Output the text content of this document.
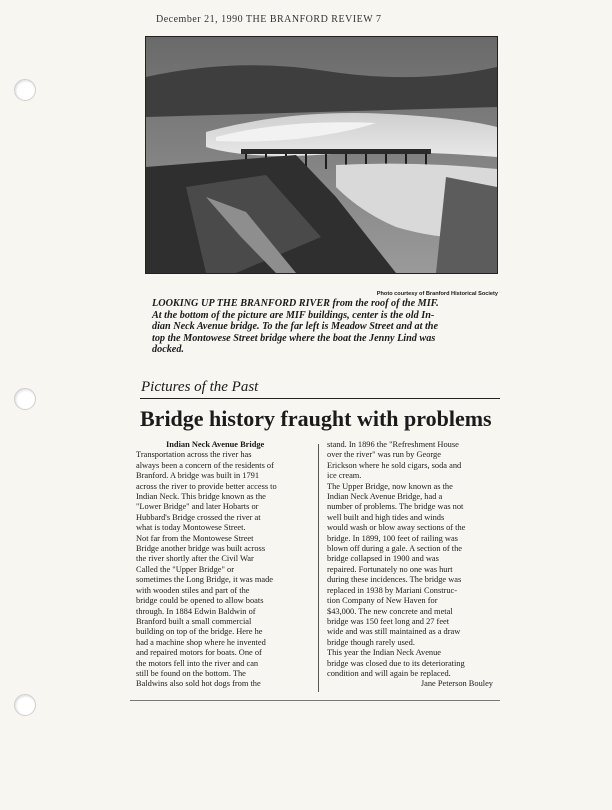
December 21, 1990 THE BRANFORD REVIEW 7
Photo courtesy of Branford Historical Society
LOOKING UP THE BRANFORD RIVER from the roof of the MIF.
At the bottom of the picture are MIF buildings, center is the old In-
dian Neck Avenue bridge. To the far left is Meadow Street and at the
top the Montowese Street bridge where the boat the Jenny Lind was
docked.
Pictures of the Past
Bridge history fraught with problems
Indian Neck Avenue Bridge
Transportation across the river has
always been a concern of the residents of
Branford. A bridge was built in 1791
across the river to provide better access to
Indian Neck. This bridge known as the
"Lower Bridge" and later Hobarts or
Hubbard's Bridge crossed the river at
what is today Montowese Street.
Not far from the Montowese Street
Bridge another bridge was built across
the river shortly after the Civil War
Called the "Upper Bridge" or
sometimes the Long Bridge, it was made
with wooden stiles and part of the
bridge could be opened to allow boats
through. In 1884 Edwin Baldwin of
Branford built a small commercial
building on top of the bridge. Here he
had a machine shop where he invented
and repaired motors for boats. One of
the motors fell into the river and can
still be found on the bottom. The
Baldwins also sold hot dogs from the
stand. In 1896 the "Refreshment House
over the river" was run by George
Erickson where he sold cigars, soda and
ice cream.
The Upper Bridge, now known as the
Indian Neck Avenue Bridge, had a
number of problems. The bridge was not
well built and high tides and winds
would wash or blow away sections of the
bridge. In 1899, 100 feet of railing was
blown off during a gale. A section of the
bridge collapsed in 1900 and was
repaired. Fortunately no one was hurt
during these incidences. The bridge was
replaced in 1938 by Mariani Construc-
tion Company of New Haven for
$43,000. The new concrete and metal
bridge was 150 feet long and 27 feet
wide and was still maintained as a draw
bridge though rarely used.
This year the Indian Neck Avenue
bridge was closed due to its deteriorating
condition and will again be replaced.
Jane Peterson Bouley
